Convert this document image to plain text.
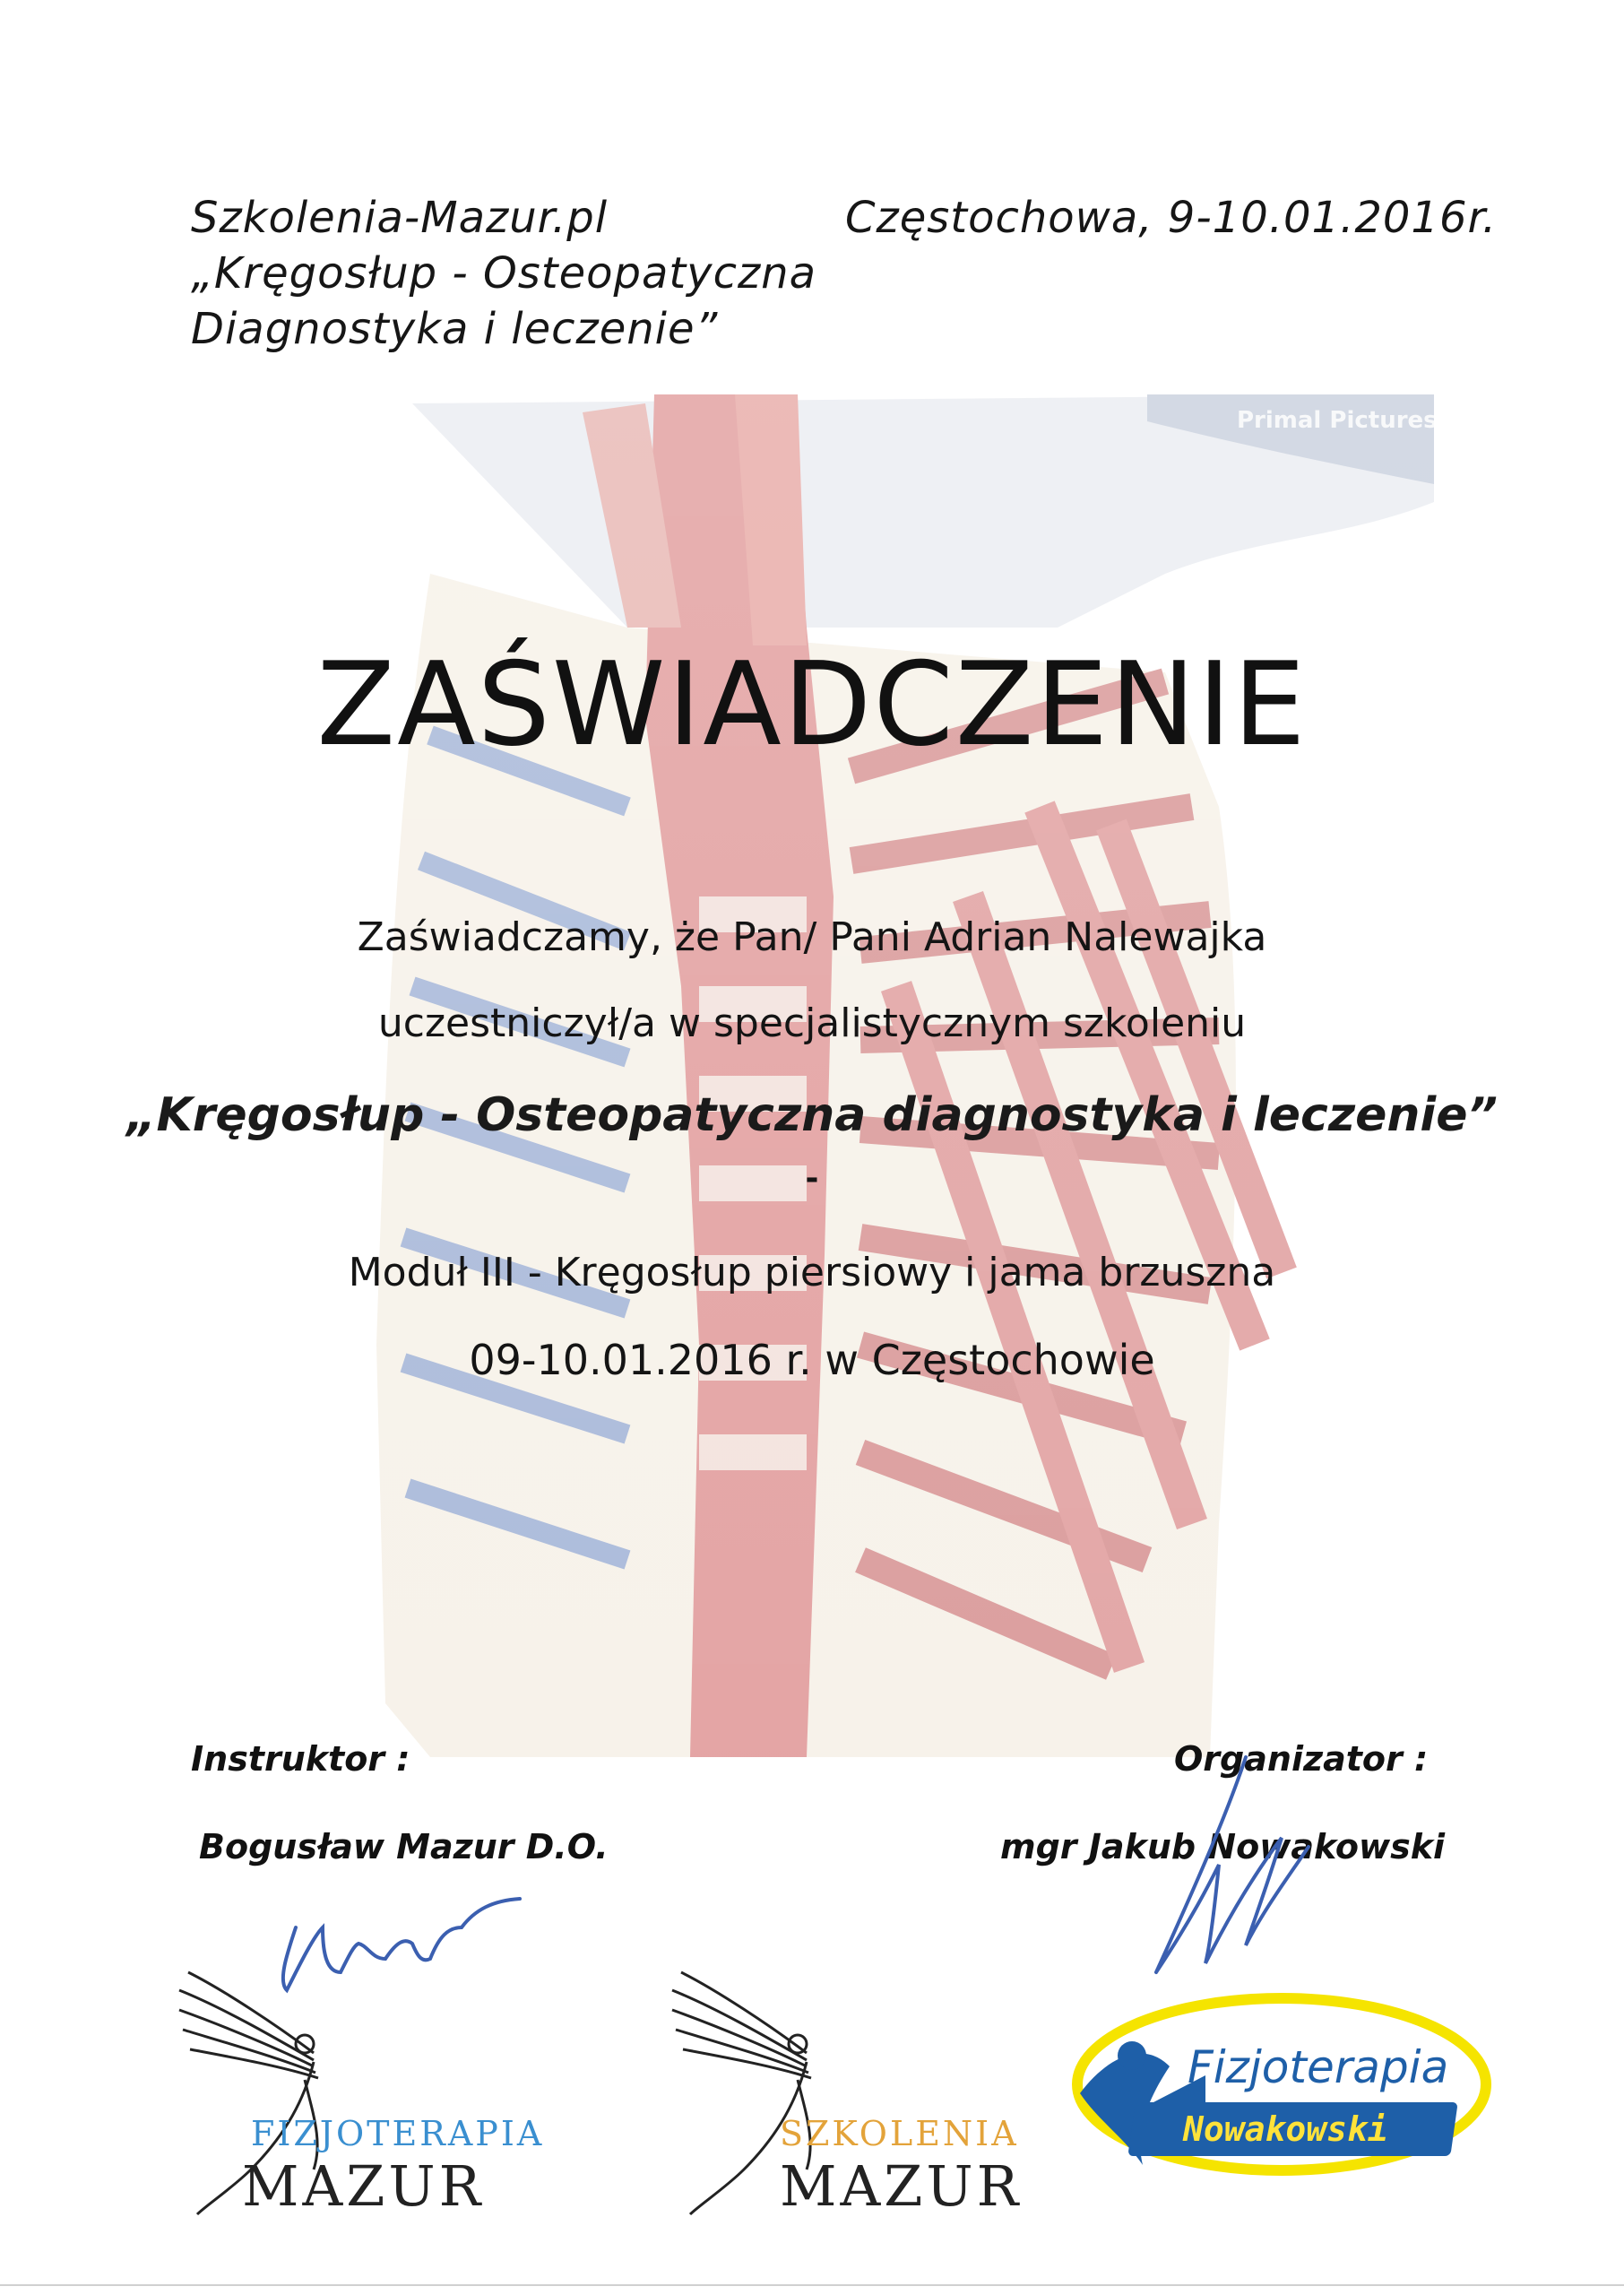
Primal Pictures
Szkolenia-Mazur.pl
„Kręgosłup - Osteopatyczna
Diagnostyka i leczenie”
Częstochowa, 9-10.01.2016r.
ZAŚWIADCZENIE
Zaświadczamy, że Pan/ Pani Adrian Nalewajka
uczestniczył/a w specjalistycznym szkoleniu
„Kręgosłup - Osteopatyczna diagnostyka i leczenie”
-
Moduł III - Kręgosłup piersiowy i jama brzuszna
09-10.01.2016 r. w Częstochowie
Instruktor :
Bogusław Mazur D.O.
Organizator :
mgr Jakub Nowakowski
FIZJOTERAPIA
MAZUR
SZKOLENIA
MAZUR
Fizjoterapia
Nowakowski
